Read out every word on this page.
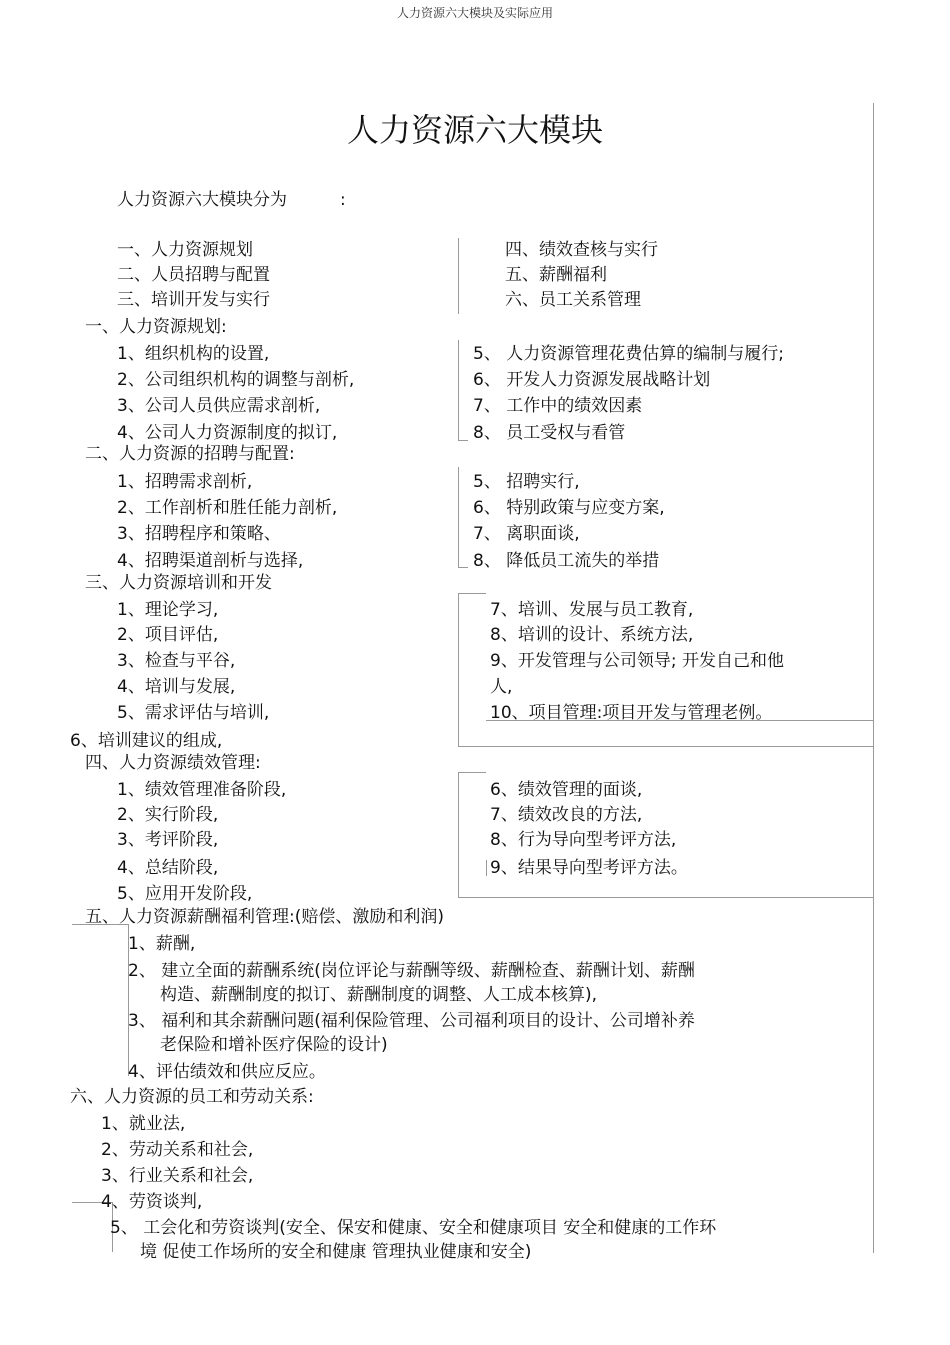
人力资源六大模块及实际应用
人力资源六大模块
人力资源六大模块分为	:
一、人力资源规划
二、人员招聘与配置
三、培训开发与实行
四、绩效查核与实行
五、薪酬福利
六、员工关系管理
一、人力资源规划:
1、组织机构的设置,
2、公司组织机构的调整与剖析,
3、公司人员供应需求剖析,
4、公司人力资源制度的拟订,
5、 人力资源管理花费估算的编制与履行;
6、 开发人力资源发展战略计划
7、 工作中的绩效因素
8、 员工受权与看管
二、人力资源的招聘与配置:
1、招聘需求剖析,
2、工作剖析和胜任能力剖析,
3、招聘程序和策略、
4、招聘渠道剖析与选择,
5、 招聘实行,
6、 特别政策与应变方案,
7、 离职面谈,
8、 降低员工流失的举措
三、人力资源培训和开发
1、理论学习,
2、项目评估,
3、检查与平谷,
4、培训与发展,
5、需求评估与培训,
6、培训建议的组成,
7、培训、发展与员工教育,
8、培训的设计、系统方法,
9、开发管理与公司领导; 开发自己和他
人,
10、项目管理:项目开发与管理老例。
四、人力资源绩效管理:
1、绩效管理准备阶段,
2、实行阶段,
3、考评阶段,
4、总结阶段,
5、应用开发阶段,
6、绩效管理的面谈,
7、绩效改良的方法,
8、行为导向型考评方法,
9、结果导向型考评方法。
五、人力资源薪酬福利管理:(赔偿、激励和利润)
1、薪酬,
2、 建立全面的薪酬系统(岗位评论与薪酬等级、薪酬检查、薪酬计划、薪酬
构造、薪酬制度的拟订、薪酬制度的调整、人工成本核算),
3、 福利和其余薪酬问题(福利保险管理、公司福利项目的设计、公司增补养
老保险和增补医疗保险的设计)
4、评估绩效和供应反应。
六、人力资源的员工和劳动关系:
1、就业法,
2、劳动关系和社会,
3、行业关系和社会,
4、劳资谈判,
5、 工会化和劳资谈判(安全、保安和健康、安全和健康项目 安全和健康的工作环
境 促使工作场所的安全和健康 管理执业健康和安全)
